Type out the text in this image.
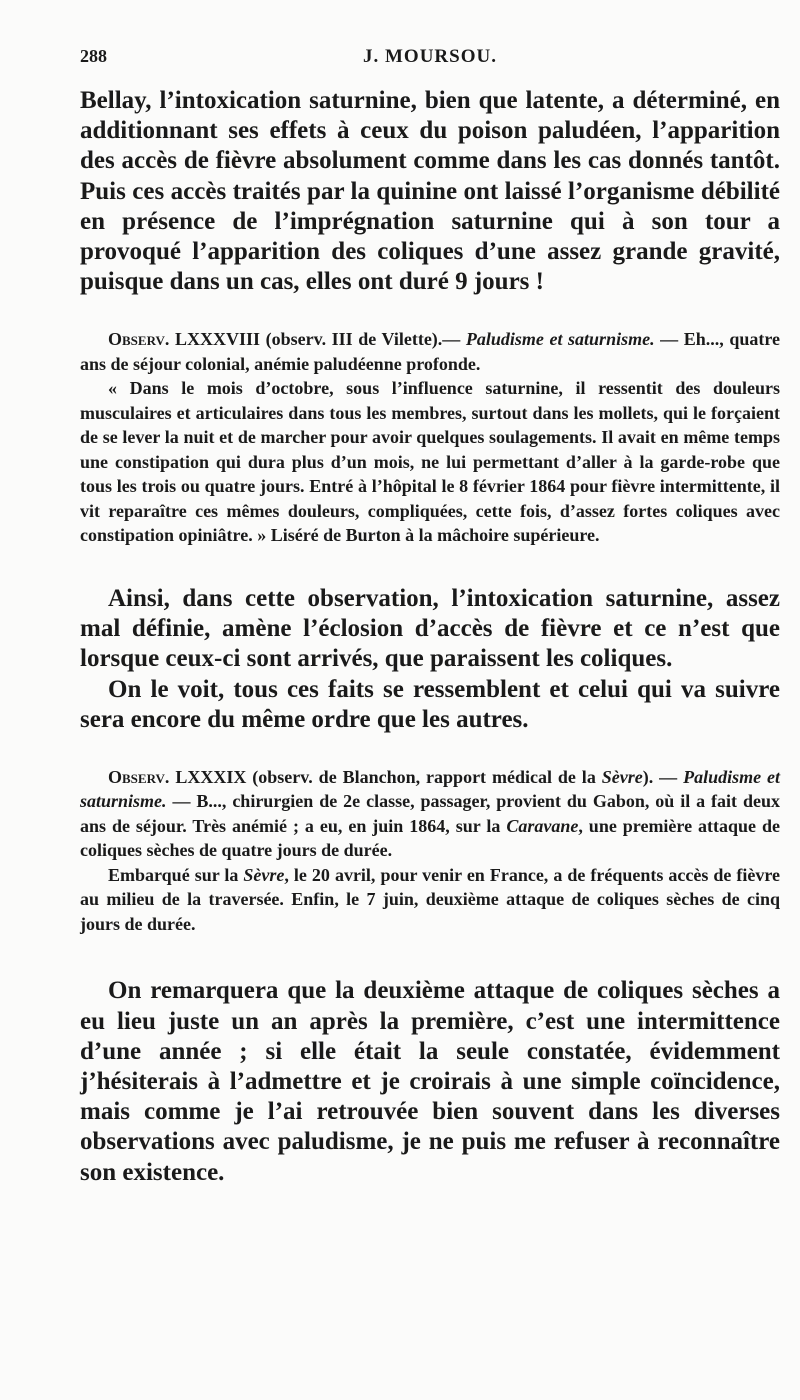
288	J. MOURSOU.

Bellay, l’intoxication saturnine, bien que latente, a déterminé, en additionnant ses effets à ceux du poison paludéen, l’apparition des accès de fièvre absolument comme dans les cas donnés tantôt. Puis ces accès traités par la quinine ont laissé l’organisme débilité en présence de l’imprégnation saturnine qui à son tour a provoqué l’apparition des coliques d’une assez grande gravité, puisque dans un cas, elles ont duré 9 jours !

Observ. LXXXVIII (observ. III de Vilette).— Paludisme et saturnisme. — Eh..., quatre ans de séjour colonial, anémie paludéenne profonde.

« Dans le mois d’octobre, sous l’influence saturnine, il ressentit des douleurs musculaires et articulaires dans tous les membres, surtout dans les mollets, qui le forçaient de se lever la nuit et de marcher pour avoir quelques soulagements. Il avait en même temps une constipation qui dura plus d’un mois, ne lui permettant d’aller à la garde-robe que tous les trois ou quatre jours. Entré à l’hôpital le 8 février 1864 pour fièvre intermittente, il vit reparaître ces mêmes douleurs, compliquées, cette fois, d’assez fortes coliques avec constipation opiniâtre. » Liséré de Burton à la mâchoire supérieure.

Ainsi, dans cette observation, l’intoxication saturnine, assez mal définie, amène l’éclosion d’accès de fièvre et ce n’est que lorsque ceux-ci sont arrivés, que paraissent les coliques.

On le voit, tous ces faits se ressemblent et celui qui va suivre sera encore du même ordre que les autres.

Observ. LXXXIX (observ. de Blanchon, rapport médical de la Sèvre). — Paludisme et saturnisme. — B..., chirurgien de 2e classe, passager, provient du Gabon, où il a fait deux ans de séjour. Très anémié ; a eu, en juin 1864, sur la Caravane, une première attaque de coliques sèches de quatre jours de durée.

Embarqué sur la Sèvre, le 20 avril, pour venir en France, a de fréquents accès de fièvre au milieu de la traversée. Enfin, le 7 juin, deuxième attaque de coliques sèches de cinq jours de durée.

On remarquera que la deuxième attaque de coliques sèches a eu lieu juste un an après la première, c’est une intermittence d’une année ; si elle était la seule constatée, évidemment j’hésiterais à l’admettre et je croirais à une simple coïncidence, mais comme je l’ai retrouvée bien souvent dans les diverses observations avec paludisme, je ne puis me refuser à reconnaître son existence.
